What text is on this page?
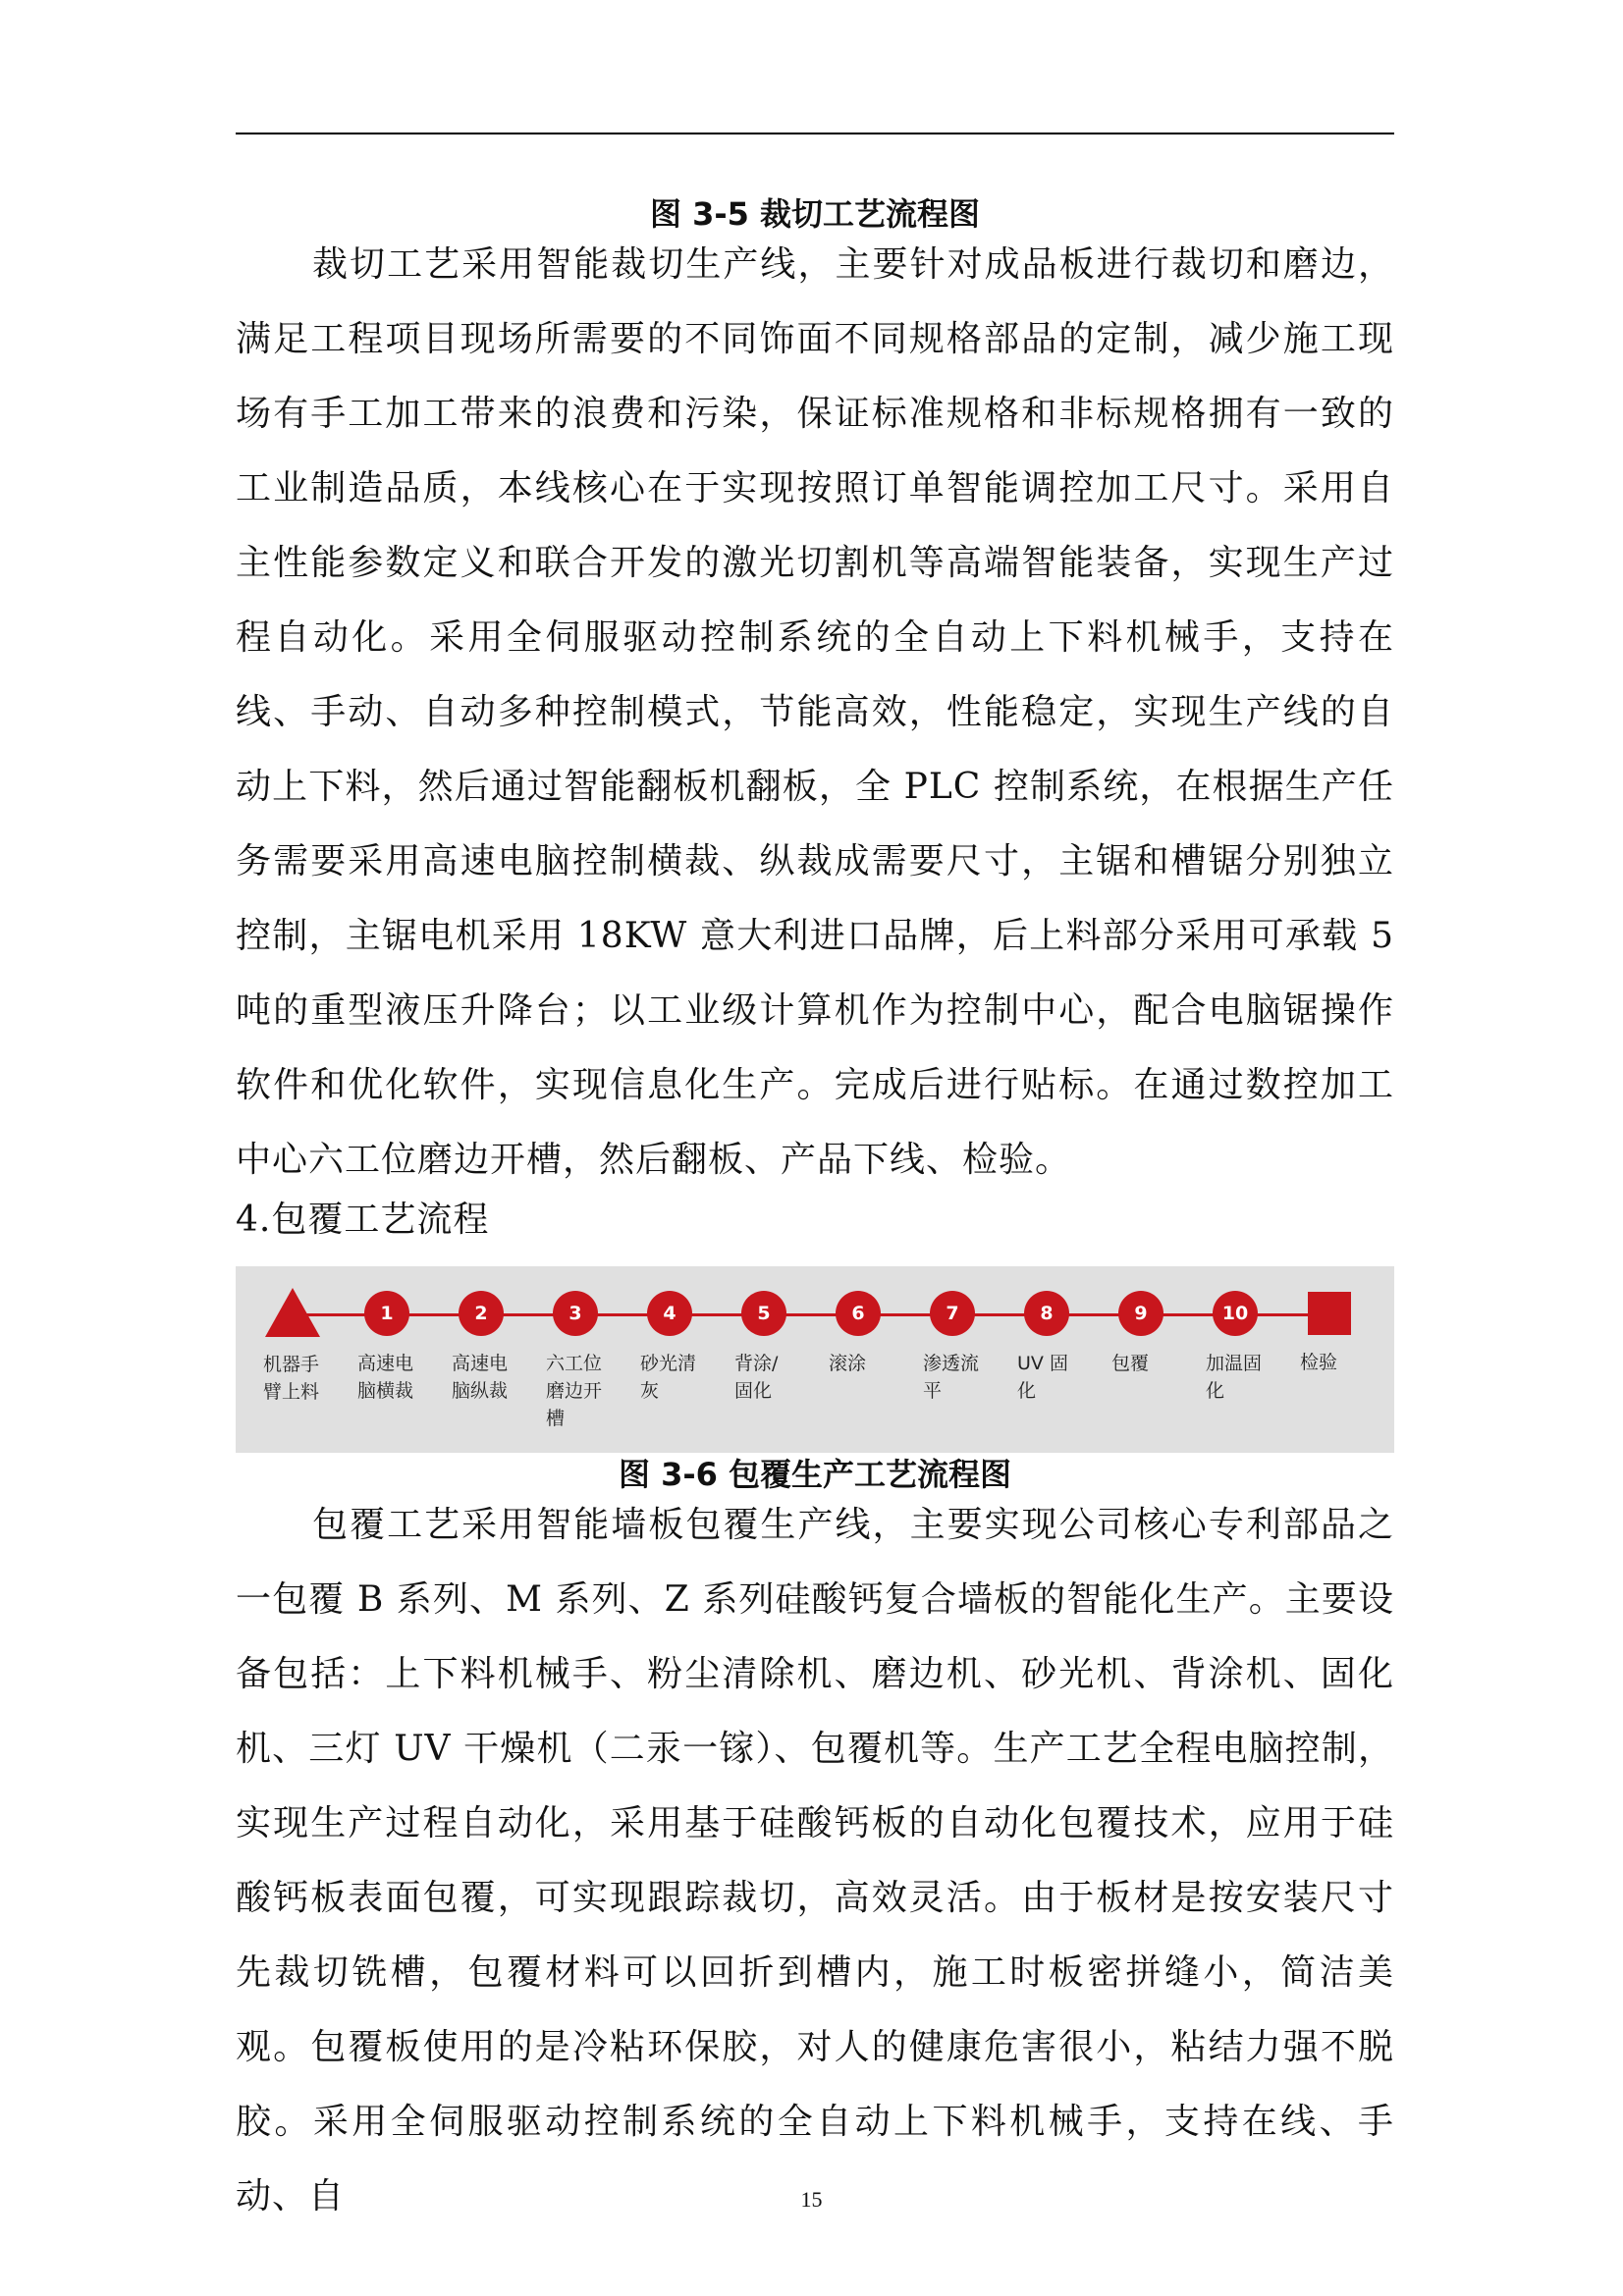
图 3-5 裁切工艺流程图

裁切工艺采用智能裁切生产线，主要针对成品板进行裁切和磨边，满足工程项目现场所需要的不同饰面不同规格部品的定制，减少施工现场有手工加工带来的浪费和污染，保证标准规格和非标规格拥有一致的工业制造品质，本线核心在于实现按照订单智能调控加工尺寸。采用自主性能参数定义和联合开发的激光切割机等高端智能装备，实现生产过程自动化。采用全伺服驱动控制系统的全自动上下料机械手，支持在线、手动、自动多种控制模式，节能高效，性能稳定，实现生产线的自动上下料，然后通过智能翻板机翻板，全 PLC 控制系统，在根据生产任务需要采用高速电脑控制横裁、纵裁成需要尺寸，主锯和槽锯分别独立控制，主锯电机采用 18KW 意大利进口品牌，后上料部分采用可承载 5 吨的重型液压升降台；以工业级计算机作为控制中心，配合电脑锯操作软件和优化软件，实现信息化生产。完成后进行贴标。在通过数控加工中心六工位磨边开槽，然后翻板、产品下线、检验。

4.包覆工艺流程

机器手臂上料
1
高速电脑横裁
2
高速电脑纵裁
3
六工位磨边开槽
4
砂光清灰
5
背涂/固化
6
滚涂
7
渗透流平
8
UV 固化
9
包覆
10
加温固化
检验
图 3-6 包覆生产工艺流程图

包覆工艺采用智能墙板包覆生产线，主要实现公司核心专利部品之一包覆 B 系列、M 系列、Z 系列硅酸钙复合墙板的智能化生产。主要设备包括：上下料机械手、粉尘清除机、磨边机、砂光机、背涂机、固化机、三灯 UV 干燥机（二汞一镓）、包覆机等。生产工艺全程电脑控制，实现生产过程自动化，采用基于硅酸钙板的自动化包覆技术，应用于硅酸钙板表面包覆，可实现跟踪裁切，高效灵活。由于板材是按安装尺寸先裁切铣槽，包覆材料可以回折到槽内，施工时板密拼缝小，简洁美观。包覆板使用的是冷粘环保胶，对人的健康危害很小，粘结力强不脱胶。采用全伺服驱动控制系统的全自动上下料机械手，支持在线、手动、自	15
